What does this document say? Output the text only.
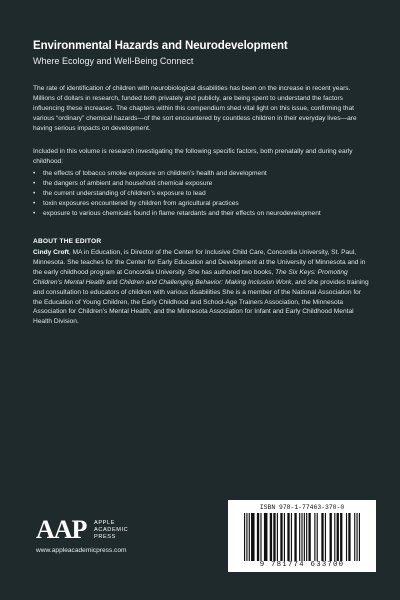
Environmental Hazards and Neurodevelopment
Where Ecology and Well-Being Connect
The rate of identification of children with neurobiological disabilities has been on the increase in recent years. Millions of dollars in research, funded both privately and publicly, are being spent to understand the factors influencing these increases. The chapters within this compendium shed vital light on this issue, confirming that various “ordinary” chemical hazards—of the sort encountered by countless children in their everyday lives—are having serious impacts on development.
Included in this volume is research investigating the following specific factors, both prenatally and during early childhood:
• the effects of tobacco smoke exposure on children’s health and development
• the dangers of ambient and household chemical exposure
• the current understanding of children’s exposure to lead
• toxin exposures encountered by children from agricultural practices
• exposure to various chemicals found in flame retardants and their effects on neurodevelopment
ABOUT THE EDITOR
Cindy Croft, MA in Education, is Director of the Center for Inclusive Child Care, Concordia University, St. Paul, Minnesota. She teaches for the Center for Early Education and Development at the University of Minnesota and in the early childhood program at Concordia University. She has authored two books, The Six Keys: Promoting Children’s Mental Health and Children and Challenging Behavior: Making Inclusion Work, and she provides training and consultation to educators of children with various disabilities She is a member of the National Association for the Education of Young Children, the Early Childhood and School-Age Trainers Association, the Minnesota Association for Children’s Mental Health, and the Minnesota Association for Infant and Early Childhood Mental Health Division.
AAP APPLE
ACADEMIC
PRESS
www.appleacademicpress.com
ISBN 978-1-77463-370-0
9 781774 633700
